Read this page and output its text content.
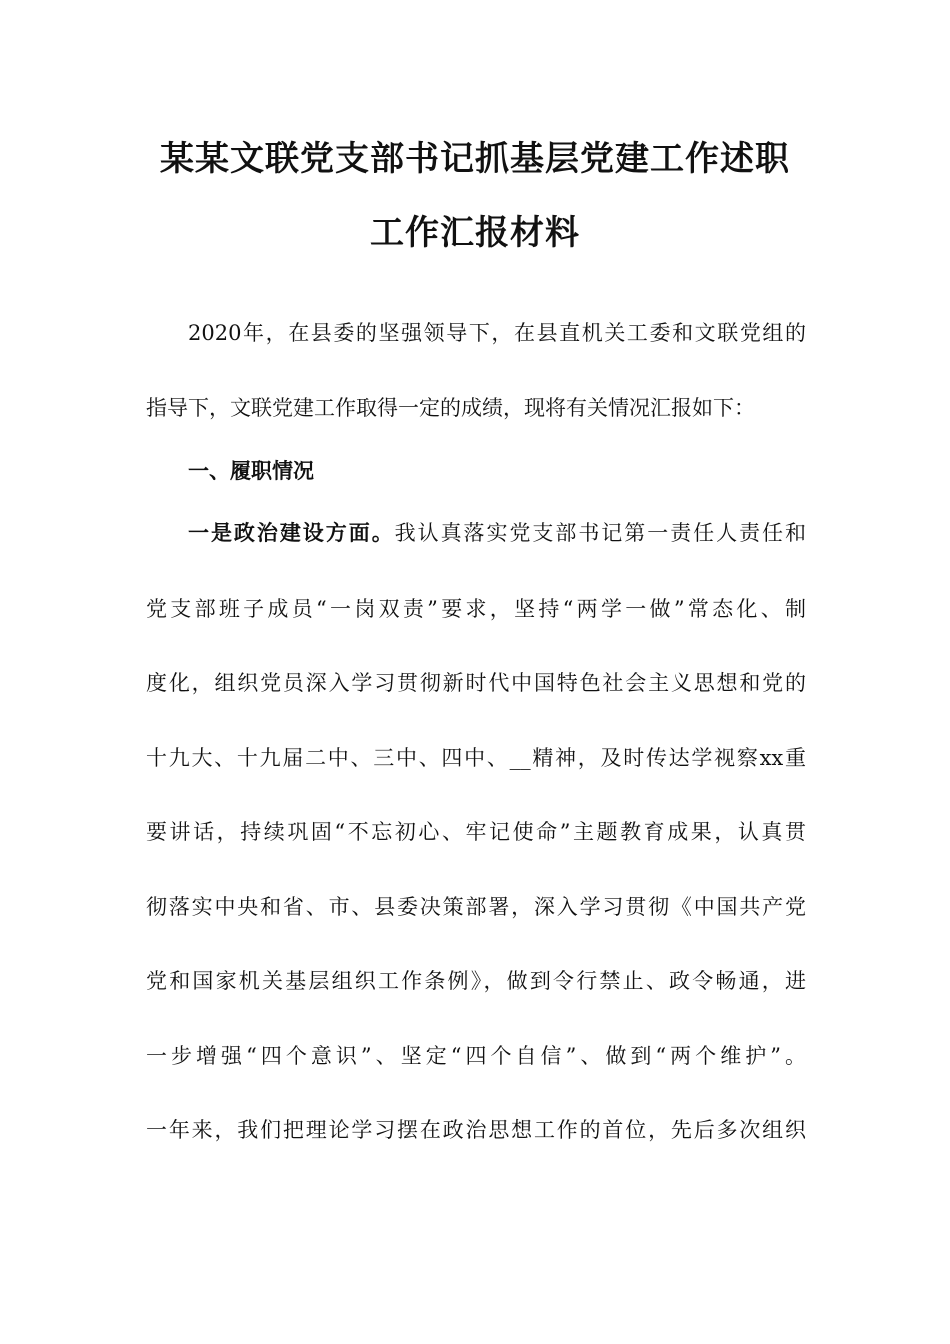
某某文联党支部书记抓基层党建工作述职
工作汇报材料
2020年，在县委的坚强领导下，在县直机关工委和文联党组的
指导下，文联党建工作取得一定的成绩，现将有关情况汇报如下：
一、履职情况
一是政治建设方面。我认真落实党支部书记第一责任人责任和
党支部班子成员“一岗双责”要求，坚持“两学一做”常态化、制
度化，组织党员深入学习贯彻新时代中国特色社会主义思想和党的
十九大、十九届二中、三中、四中、__精神，及时传达学视察xx重
要讲话，持续巩固“不忘初心、牢记使命”主题教育成果，认真贯
彻落实中央和省、市、县委决策部署，深入学习贯彻《中国共产党
党和国家机关基层组织工作条例》，做到令行禁止、政令畅通，进
一步增强“四个意识”、坚定“四个自信”、做到“两个维护”。
一年来，我们把理论学习摆在政治思想工作的首位，先后多次组织
